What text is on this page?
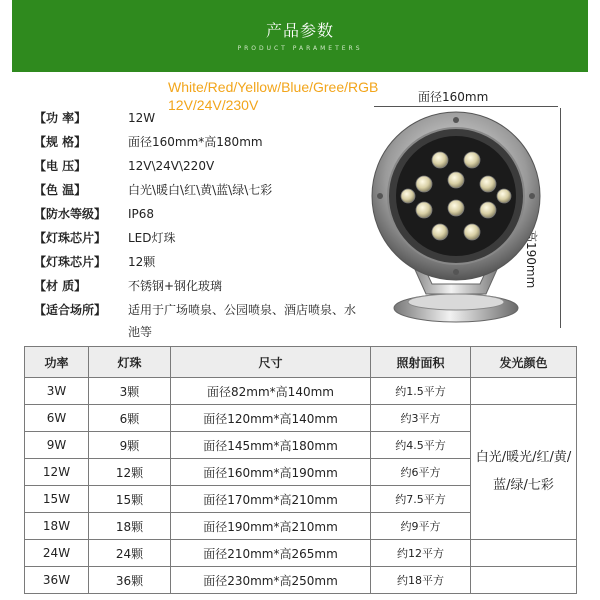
产品参数
PRODUCT PARAMETERS
White/Red/Yellow/Blue/Gree/RGB
12V/24V/230V
【功 率】	12W
【规 格】	面径160mm*高180mm
【电 压】	12V\24V\220V
【色 温】	白光\暖白\红\黄\蓝\绿\七彩
【防水等级】	IP68
【灯珠芯片】	LED灯珠
【灯珠芯片】	12颗
【材 质】	不锈钢+钢化玻璃
【适合场所】	适用于广场喷泉、公园喷泉、酒店喷泉、水池等
面径160mm
高190mm
功率	灯珠	尺寸	照射面积	发光颜色
3W	3颗	面径82mm*高140mm	约1.5平方	
6W	6颗	面径120mm*高140mm	约3平方	白光/暖光/红/黄/蓝/绿/七彩
9W	9颗	面径145mm*高180mm	约4.5平方	
12W	12颗	面径160mm*高190mm	约6平方	
15W	15颗	面径170mm*高210mm	约7.5平方	
18W	18颗	面径190mm*高210mm	约9平方	
24W	24颗	面径210mm*高265mm	约12平方	
36W	36颗	面径230mm*高250mm	约18平方	
